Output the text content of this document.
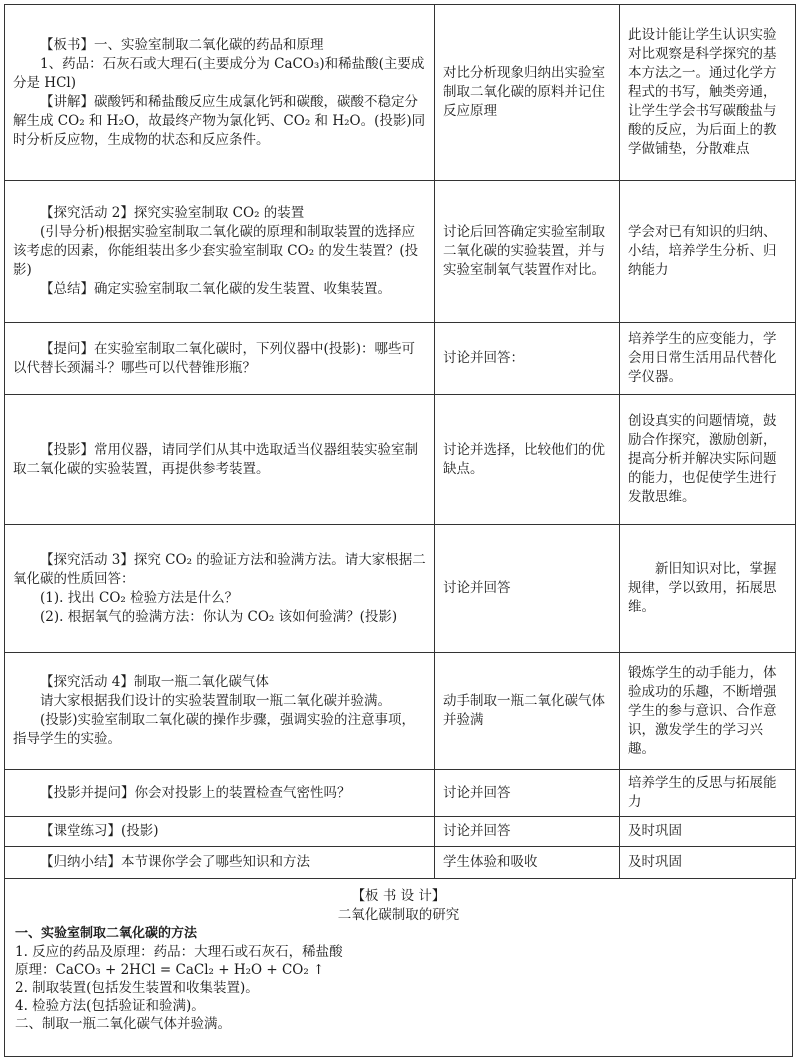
【板书】一、实验室制取二氧化碳的药品和原理
1、药品：石灰石或大理石(主要成分为 CaCO₃)和稀盐酸(主要成分是 HCl)
【讲解】碳酸钙和稀盐酸反应生成氯化钙和碳酸，碳酸不稳定分解生成 CO₂ 和 H₂O，故最终产物为氯化钙、CO₂ 和 H₂O。(投影)同时分析反应物，生成物的状态和反应条件。	对比分析现象归纳出实验室制取二氧化碳的原料并记住反应原理	此设计能让学生认识实验对比观察是科学探究的基本方法之一。通过化学方程式的书写，触类旁通，让学生学会书写碳酸盐与酸的反应，为后面上的教学做铺垫，分散难点

【探究活动 2】探究实验室制取 CO₂ 的装置
(引导分析)根据实验室制取二氧化碳的原理和制取装置的选择应该考虑的因素，你能组装出多少套实验室制取 CO₂ 的发生装置？(投影)
【总结】确定实验室制取二氧化碳的发生装置、收集装置。	讨论后回答确定实验室制取二氧化碳的实验装置，并与实验室制氧气装置作对比。	学会对已有知识的归纳、小结，培养学生分析、归纳能力

【提问】在实验室制取二氧化碳时，下列仪器中(投影)：哪些可以代替长颈漏斗？哪些可以代替锥形瓶？	讨论并回答：	培养学生的应变能力，学会用日常生活用品代替化学仪器。

【投影】常用仪器，请同学们从其中选取适当仪器组装实验室制取二氧化碳的实验装置，再提供参考装置。	讨论并选择，比较他们的优缺点。	创设真实的问题情境，鼓励合作探究，激励创新，提高分析并解决实际问题的能力，也促使学生进行发散思维。

【探究活动 3】探究 CO₂ 的验证方法和验满方法。请大家根据二氧化碳的性质回答：
(1). 找出 CO₂ 检验方法是什么？
(2). 根据氧气的验满方法：你认为 CO₂ 该如何验满？(投影)	讨论并回答	新旧知识对比，掌握规律，学以致用，拓展思维。

【探究活动 4】制取一瓶二氧化碳气体
请大家根据我们设计的实验装置制取一瓶二氧化碳并验满。
(投影)实验室制取二氧化碳的操作步骤，强调实验的注意事项，指导学生的实验。	动手制取一瓶二氧化碳气体并验满	锻炼学生的动手能力，体验成功的乐趣，不断增强学生的参与意识、合作意识，激发学生的学习兴趣。

【投影并提问】你会对投影上的装置检查气密性吗？	讨论并回答	培养学生的反思与拓展能力

【课堂练习】(投影)	讨论并回答	及时巩固

【归纳小结】本节课你学会了哪些知识和方法	学生体验和吸收	及时巩固
【板 书 设 计】
二氧化碳制取的研究
一、实验室制取二氧化碳的方法
1. 反应的药品及原理：药品：大理石或石灰石，稀盐酸
原理：CaCO₃ + 2HCl = CaCl₂ + H₂O + CO₂ ↑
2. 制取装置(包括发生装置和收集装置)。
4. 检验方法(包括验证和验满)。
二、制取一瓶二氧化碳气体并验满。
